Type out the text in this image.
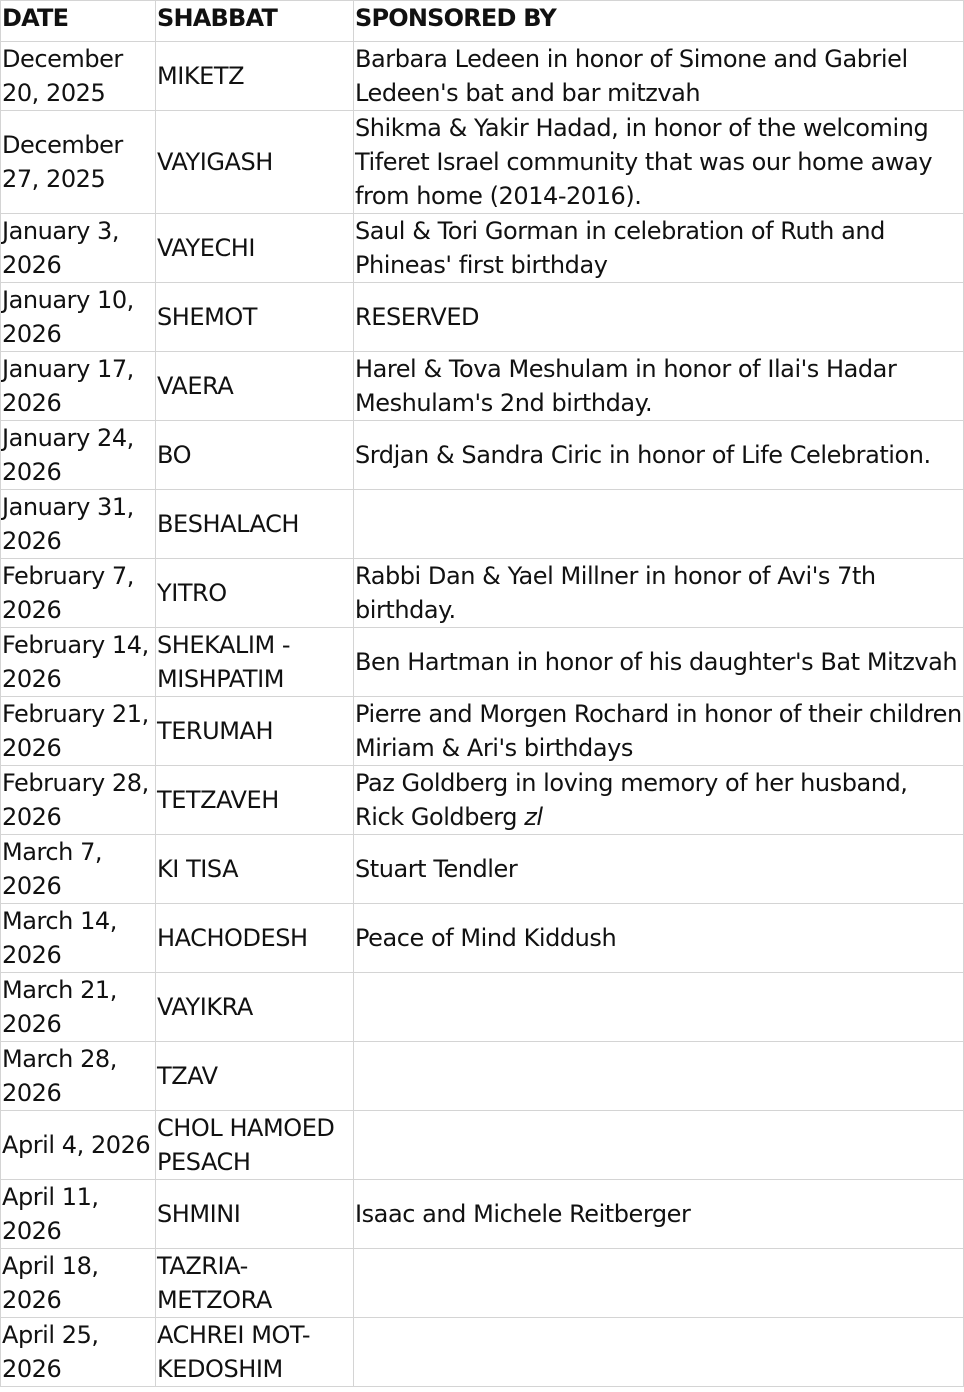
DATE	SHABBAT	SPONSORED BY
December 20, 2025	MIKETZ	Barbara Ledeen in honor of Simone and Gabriel Ledeen's bat and bar mitzvah
December 27, 2025	VAYIGASH	Shikma & Yakir Hadad, in honor of the welcoming Tiferet Israel community that was our home away from home (2014-2016).
January 3, 2026	VAYECHI	Saul & Tori Gorman in celebration of Ruth and Phineas' first birthday
January 10, 2026	SHEMOT	RESERVED
January 17, 2026	VAERA	Harel & Tova Meshulam in honor of Ilai's Hadar Meshulam's 2nd birthday.
January 24, 2026	BO	Srdjan & Sandra Ciric in honor of Life Celebration.
January 31, 2026	BESHALACH	
February 7, 2026	YITRO	Rabbi Dan & Yael Millner in honor of Avi's 7th birthday.
February 14, 2026	SHEKALIM - MISHPATIM	Ben Hartman in honor of his daughter's Bat Mitzvah
February 21, 2026	TERUMAH	Pierre and Morgen Rochard in honor of their children Miriam & Ari's birthdays
February 28, 2026	TETZAVEH	Paz Goldberg in loving memory of her husband, Rick Goldberg zl
March 7, 2026	KI TISA	Stuart Tendler
March 14, 2026	HACHODESH	Peace of Mind Kiddush
March 21, 2026	VAYIKRA	
March 28, 2026	TZAV	
April 4, 2026	CHOL HAMOED PESACH	
April 11, 2026	SHMINI	Isaac and Michele Reitberger
April 18, 2026	TAZRIA-METZORA	
April 25, 2026	ACHREI MOT-KEDOSHIM	
